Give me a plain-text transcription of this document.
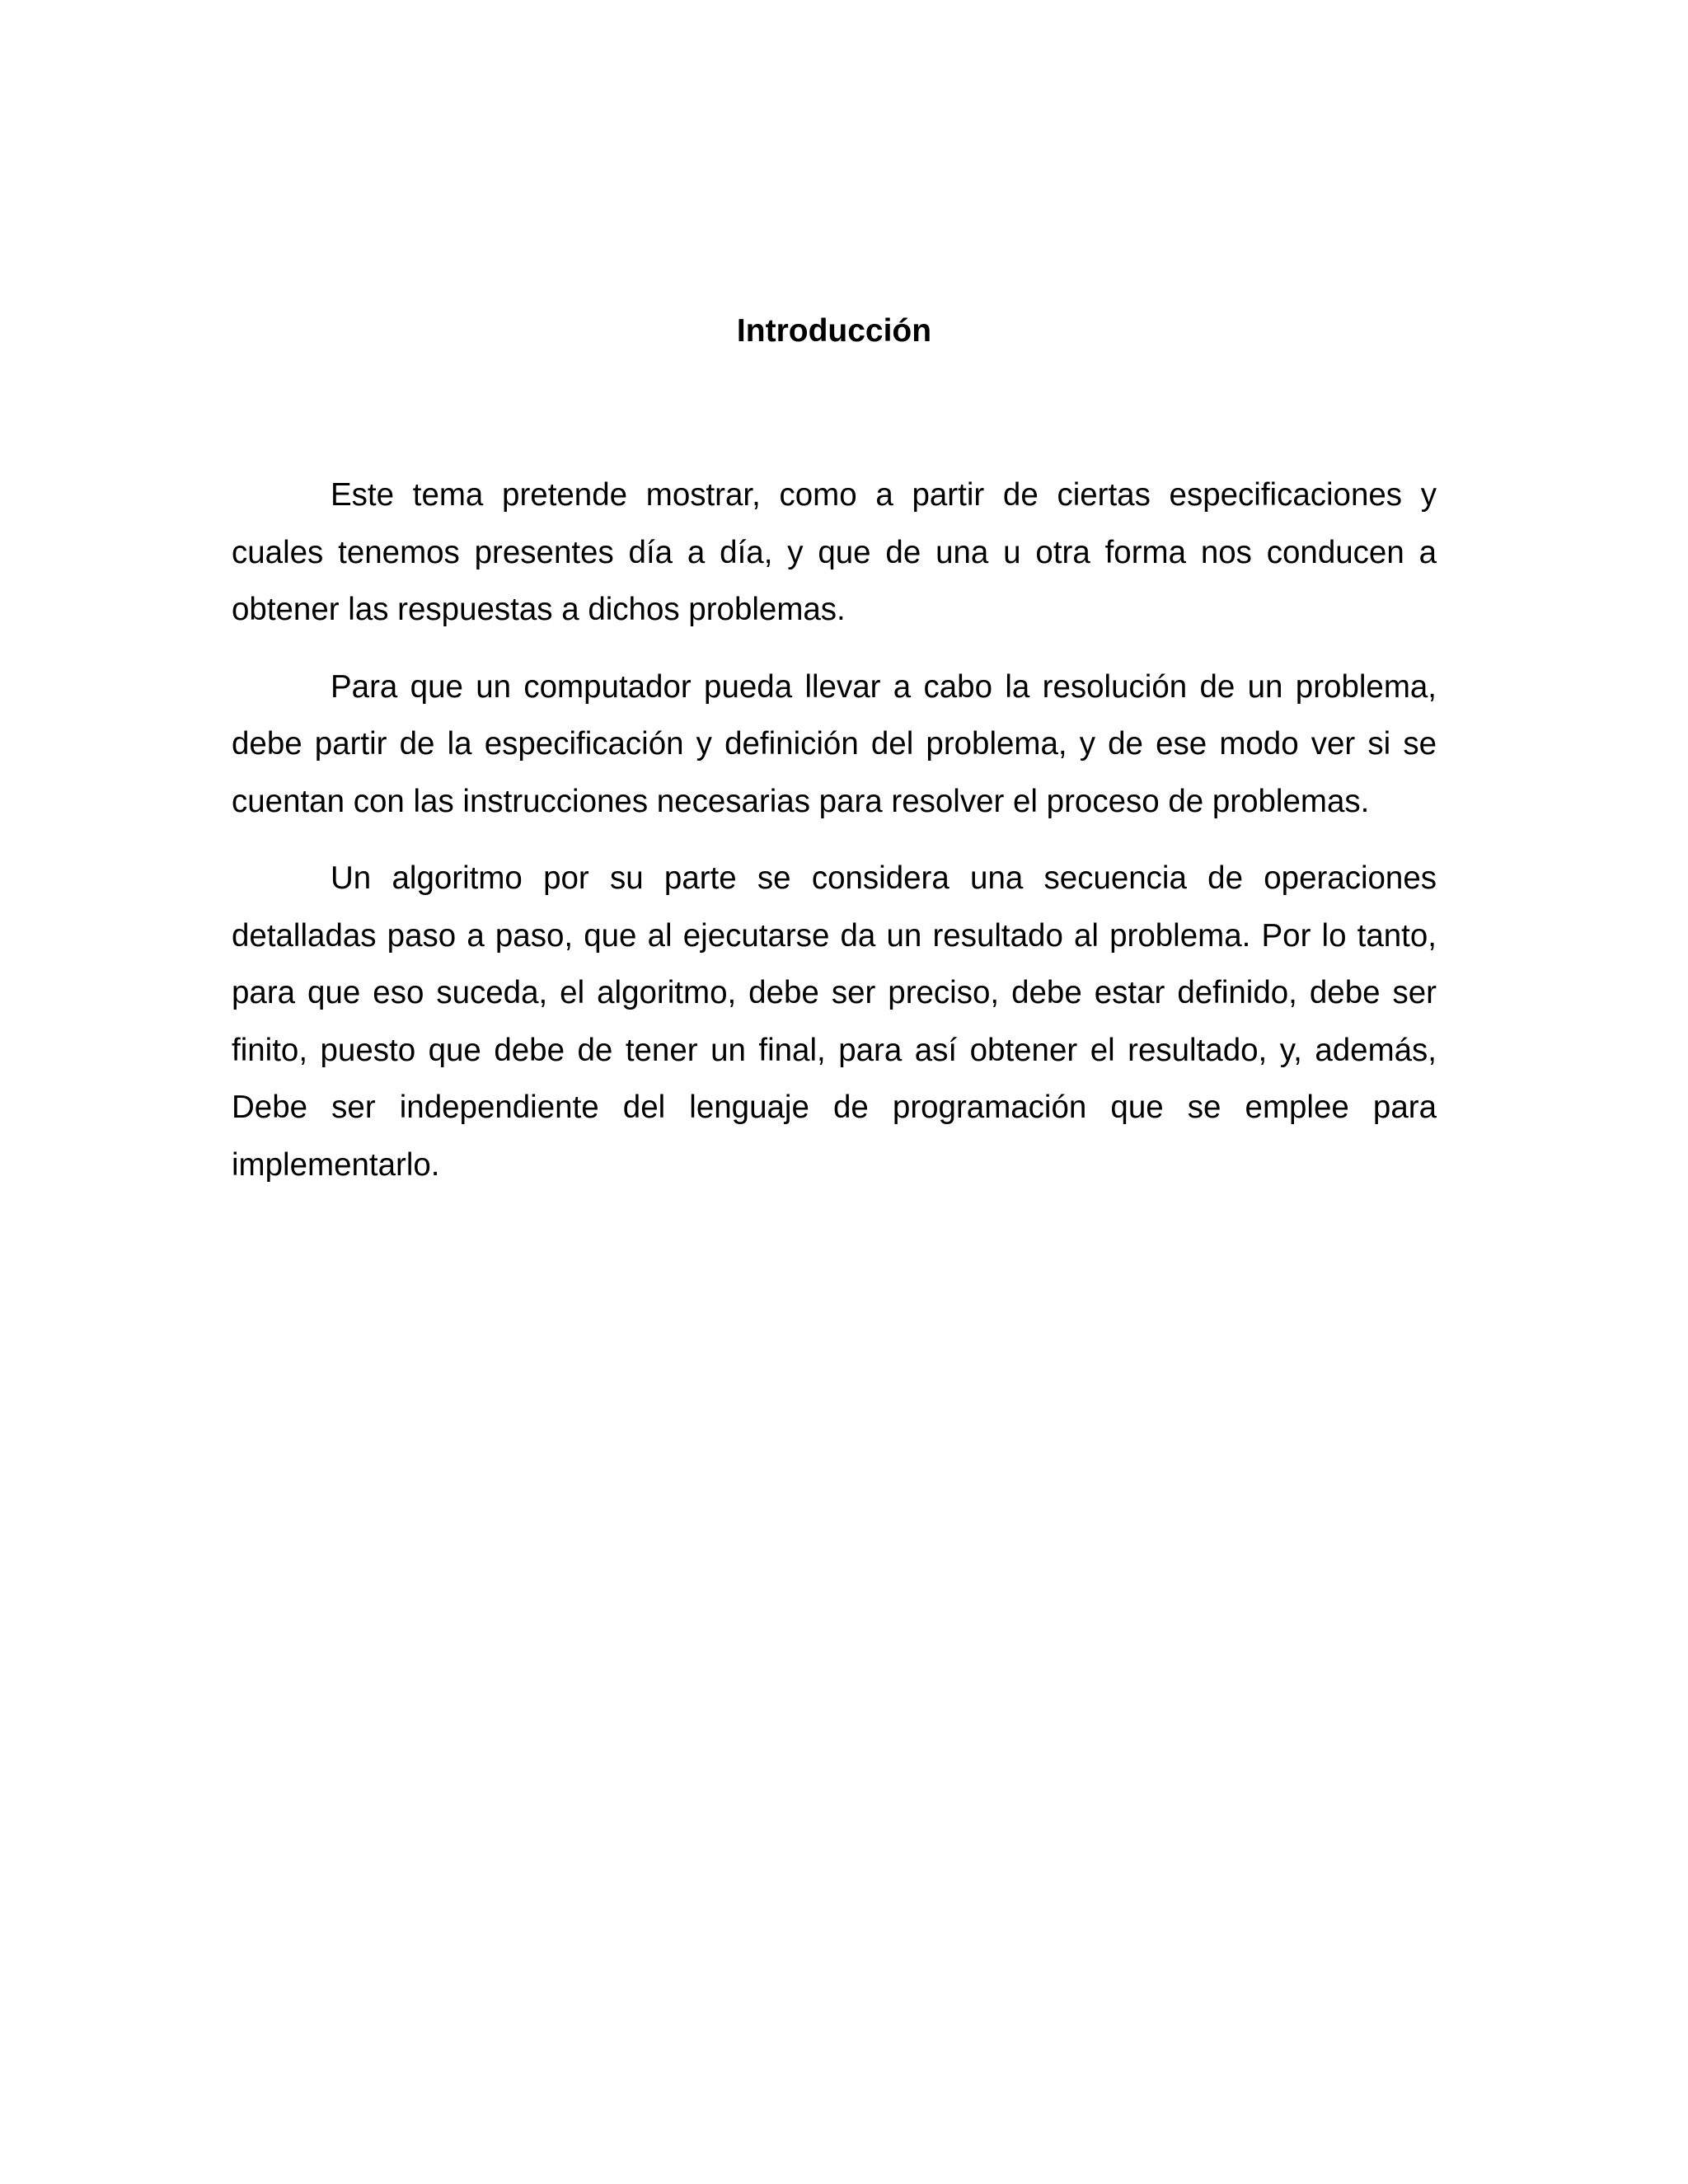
Introducción

Este tema pretende mostrar, como a partir de ciertas especificaciones y cuales tenemos presentes día a día, y que de una u otra forma nos conducen a obtener las respuestas a dichos problemas.

Para que un computador pueda llevar a cabo la resolución de un problema, debe partir de la especificación y definición del problema, y de ese modo ver si se cuentan con las instrucciones necesarias para resolver el proceso de problemas.

Un algoritmo por su parte se considera una secuencia de operaciones detalladas paso a paso, que al ejecutarse da un resultado al problema. Por lo tanto, para que eso suceda, el algoritmo, debe ser preciso, debe estar definido, debe ser finito, puesto que debe de tener un final, para así obtener el resultado, y, además, Debe ser independiente del lenguaje de programación que se emplee para implementarlo.
